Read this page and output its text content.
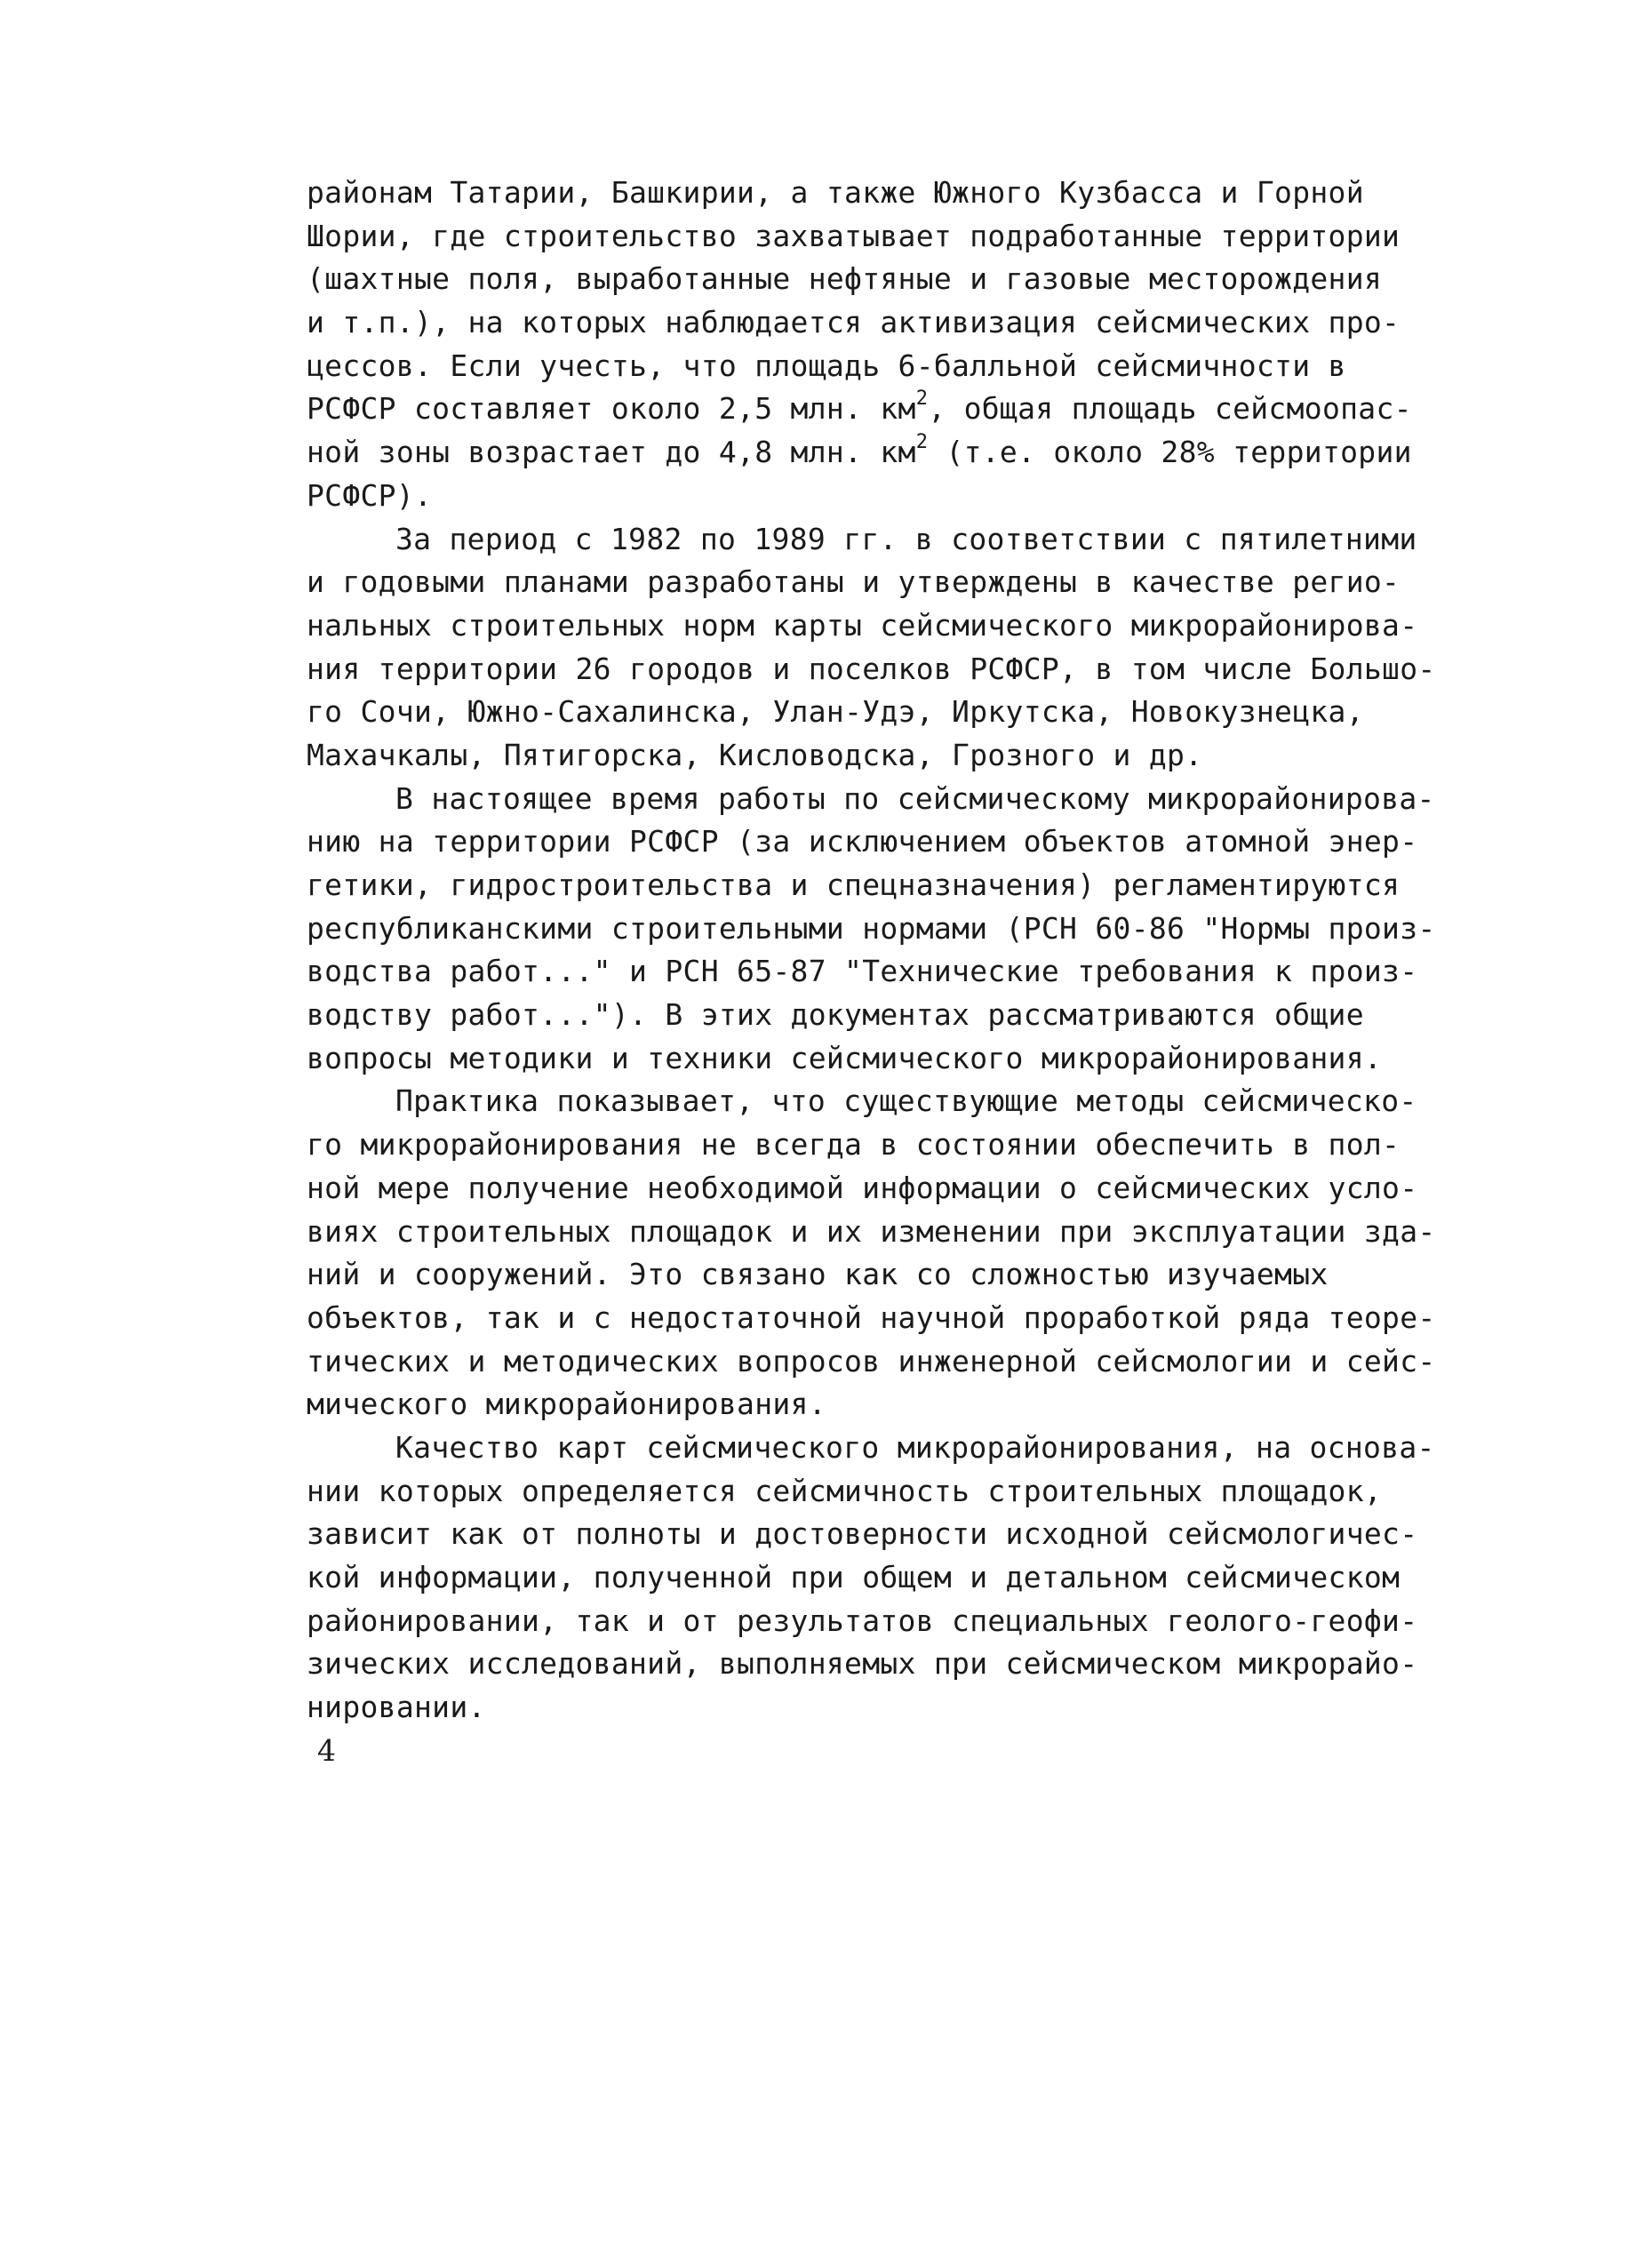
районам Татарии, Башкирии, а также Южного Кузбасса и Горной
Шории, где строительство захватывает подработанные территории
(шахтные поля, выработанные нефтяные и газовые месторождения
и т.п.), на которых наблюдается активизация сейсмических про-
цессов. Если учесть, что площадь 6-балльной сейсмичности в
РСФСР составляет около 2,5 млн. $км^2$, общая площадь сейсмоопас-
ной зоны возрастает до 4,8 млн. $км^2$ (т.е. около 28% территории
РСФСР).
За период с 1982 по 1989 гг. в соответствии с пятилетними
и годовыми планами разработаны и утверждены в качестве регио-
нальных строительных норм карты сейсмического микрорайонирова-
ния территории 26 городов и поселков РСФСР, в том числе Большо-
го Сочи, Южно-Сахалинска, Улан-Удэ, Иркутска, Новокузнецка,
Махачкалы, Пятигорска, Кисловодска, Грозного и др.
В настоящее время работы по сейсмическому микрорайонирова-
нию на территории РСФСР (за исключением объектов атомной энер-
гетики, гидростроительства и спецназначения) регламентируются
республиканскими строительными нормами (РСН 60-86 "Нормы произ-
водства работ..." и РСН 65-87 "Технические требования к произ-
водству работ..."). В этих документах рассматриваются общие
вопросы методики и техники сейсмического микрорайонирования.
Практика показывает, что существующие методы сейсмическо-
го микрорайонирования не всегда в состоянии обеспечить в пол-
ной мере получение необходимой информации о сейсмических усло-
виях строительных площадок и их изменении при эксплуатации зда-
ний и сооружений. Это связано как со сложностью изучаемых
объектов, так и с недостаточной научной проработкой ряда теоре-
тических и методических вопросов инженерной сейсмологии и сейс-
мического микрорайонирования.
Качество карт сейсмического микрорайонирования, на основа-
нии которых определяется сейсмичность строительных площадок,
зависит как от полноты и достоверности исходной сейсмологичес-
кой информации, полученной при общем и детальном сейсмическом
районировании, так и от результатов специальных геолого-геофи-
зических исследований, выполняемых при сейсмическом микрорайо-
нировании.
4
